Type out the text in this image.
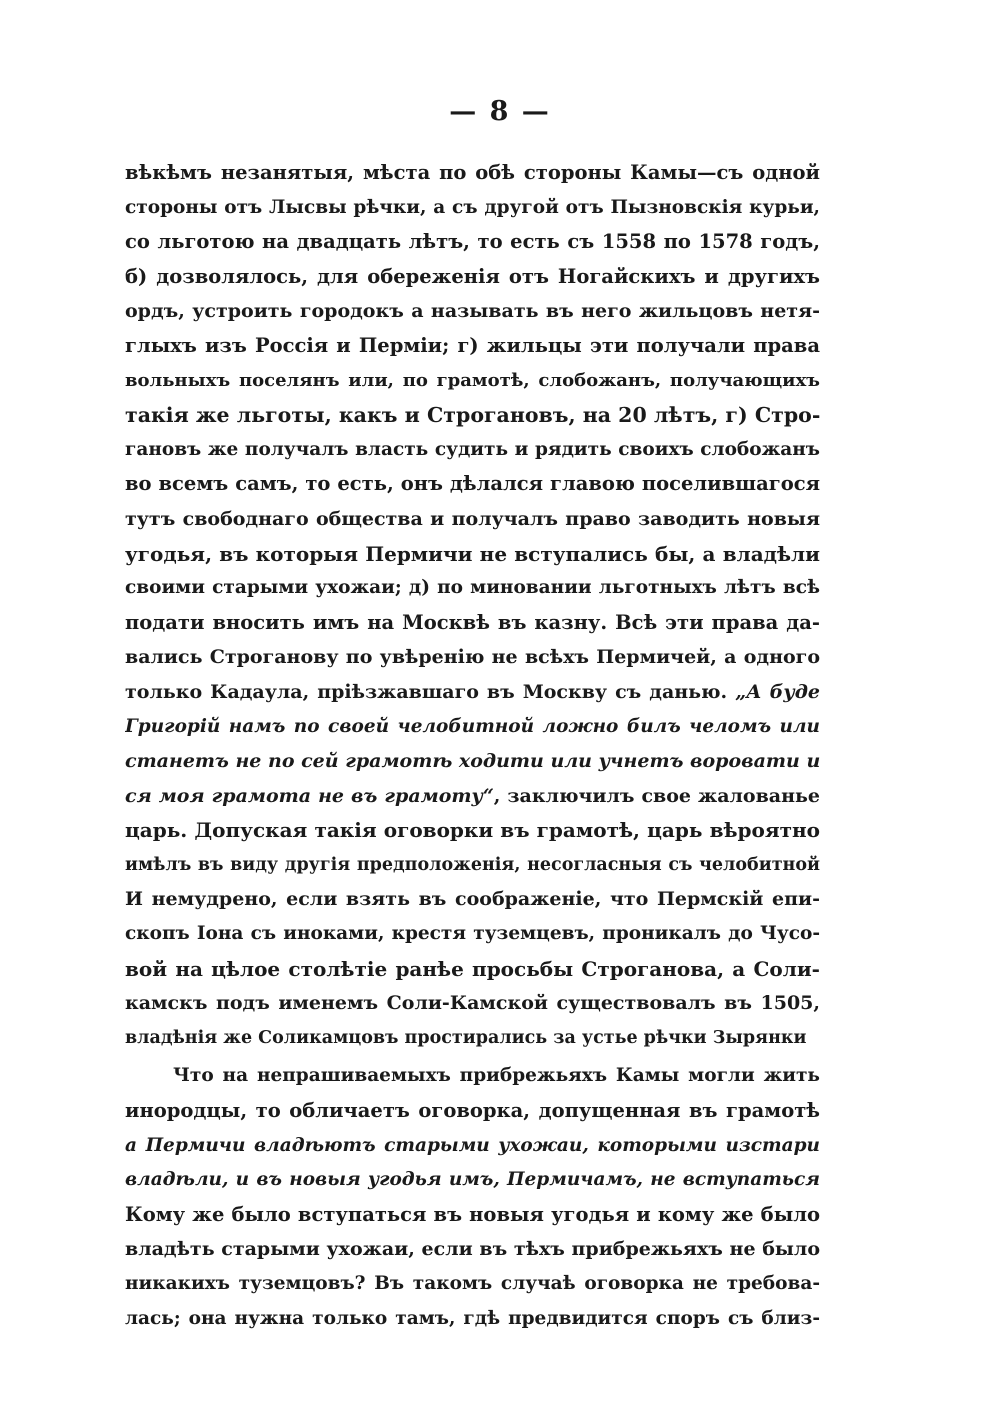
— 8 —
вѣкѣмъ незанятыя, мѣста по обѣ стороны Камы—съ одной
стороны отъ Лысвы рѣчки, а съ другой отъ Пызновскія курьи,
со льготою на двадцать лѣтъ, то есть съ 1558 по 1578 годъ,
б) дозволялось, для обереженія отъ Ногайскихъ и другихъ
ордъ, устроить городокъ а называть въ него жильцовъ нетя-
глыхъ изъ Россія и Перміи; г) жильцы эти получали права
вольныхъ поселянъ или, по грамотѣ, слобожанъ, получающихъ
такія же льготы, какъ и Строгановъ, на 20 лѣтъ, г) Стро-
гановъ же получалъ власть судить и рядить своихъ слобожанъ
во всемъ самъ, то есть, онъ дѣлался главою поселившагося
тутъ свободнаго общества и получалъ право заводить новыя
угодья, въ которыя Пермичи не вступались бы, а владѣли
своими старыми ухожаи; д) по миновании льготныхъ лѣтъ всѣ
подати вносить имъ на Москвѣ въ казну. Всѣ эти права да-
вались Строганову по увѣренію не всѣхъ Пермичей, а одного
только Кадаула, пріѣзжавшаго въ Москву съ данью. „А буде
Григорій намъ по своей челобитной ложно билъ челомъ или
станетъ не по сей грамотѣ ходити или учнетъ воровати и
ся моя грамота не въ грамоту“, заключилъ свое жалованье
царь. Допуская такія оговорки въ грамотѣ, царь вѣроятно
имѣлъ въ виду другія предположенія, несогласныя съ челобитной
И немудрено, если взять въ соображеніе, что Пермскій епи-
скопъ Іона съ иноками, крестя туземцевъ, проникалъ до Чусо-
вой на цѣлое столѣтіе ранѣе просьбы Строганова, а Соли-
камскъ подъ именемъ Соли-Камской существовалъ въ 1505,
владѣнія же Соликамцовъ простирались за устье рѣчки Зырянки
Что на непрашиваемыхъ прибрежьяхъ Камы могли жить
инородцы, то обличаетъ оговорка, допущенная въ грамотѣ
а Пермичи владѣютъ старыми ухожаи, которыми изстари
владѣли, и въ новыя угодья имъ, Пермичамъ, не вступаться
Кому же было вступаться въ новыя угодья и кому же было
владѣть старыми ухожаи, если въ тѣхъ прибрежьяхъ не было
никакихъ туземцовъ? Въ такомъ случаѣ оговорка не требова-
лась; она нужна только тамъ, гдѣ предвидится споръ съ близ-
